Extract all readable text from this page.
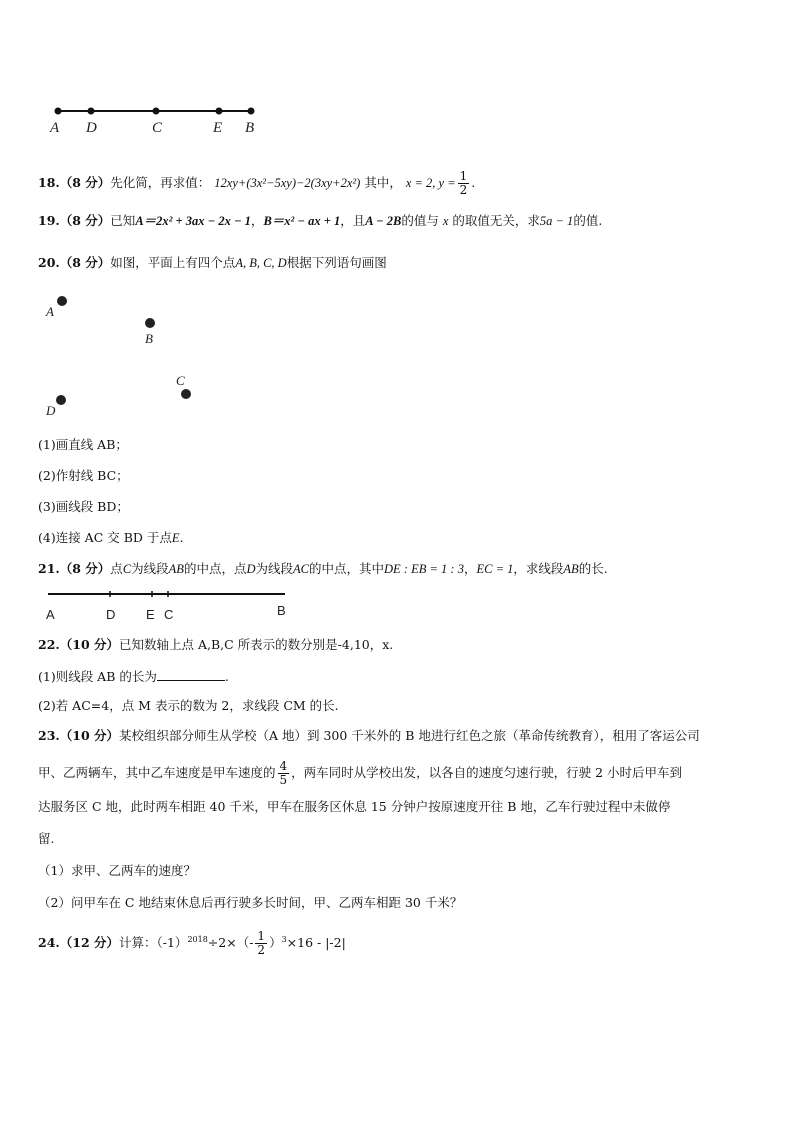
A D	C	E B
18.（8 分）先化简，再求值： 12xy+(3x²−5xy)−2(3xy+2x²) 其中， x = 2, $y = \frac{1}{2}$ .
19.（8 分）已知A＝2x² + 3ax − 2x − 1，B＝x² − ax + 1，且A − 2B的值与 x 的取值无关，求5a − 1的值.
20.（8 分）如图，平面上有四个点A, B, C, D根据下列语句画图
A
B
C
D
(1)画直线 AB；
(2)作射线 BC；
(3)画线段 BD；
(4)连接 AC 交 BD 于点E.
21.（8 分）点C为线段AB的中点，点D为线段AC的中点，其中DE : EB = 1 : 3，EC = 1，求线段AB的长.
A	D E C	B
22.（10 分）已知数轴上点 A,B,C 所表示的数分别是-4,10，x.
(1)则线段 AB 的长为	.
(2)若 AC=4，点 M 表示的数为 2，求线段 CM 的长.
23.（10 分）某校组织部分师生从学校（A 地）到 300 千米外的 B 地进行红色之旅（革命传统教育），租用了客运公司
甲、乙两辆车，其中乙车速度是甲车速度的 $\frac{4}{5}$ ，两车同时从学校出发，以各自的速度匀速行驶，行驶 2 小时后甲车到
达服务区 C 地，此时两车相距 40 千米，甲车在服务区休息 15 分钟户按原速度开往 B 地，乙车行驶过程中未做停
留.
（1）求甲、乙两车的速度？
（2）问甲车在 C 地结束休息后再行驶多长时间，甲、乙两车相距 30 千米？
24.（12 分）计算：$(-1)^{2018}\div 2\times(- \frac{1}{2} )^3\times 16 - |-2|$
